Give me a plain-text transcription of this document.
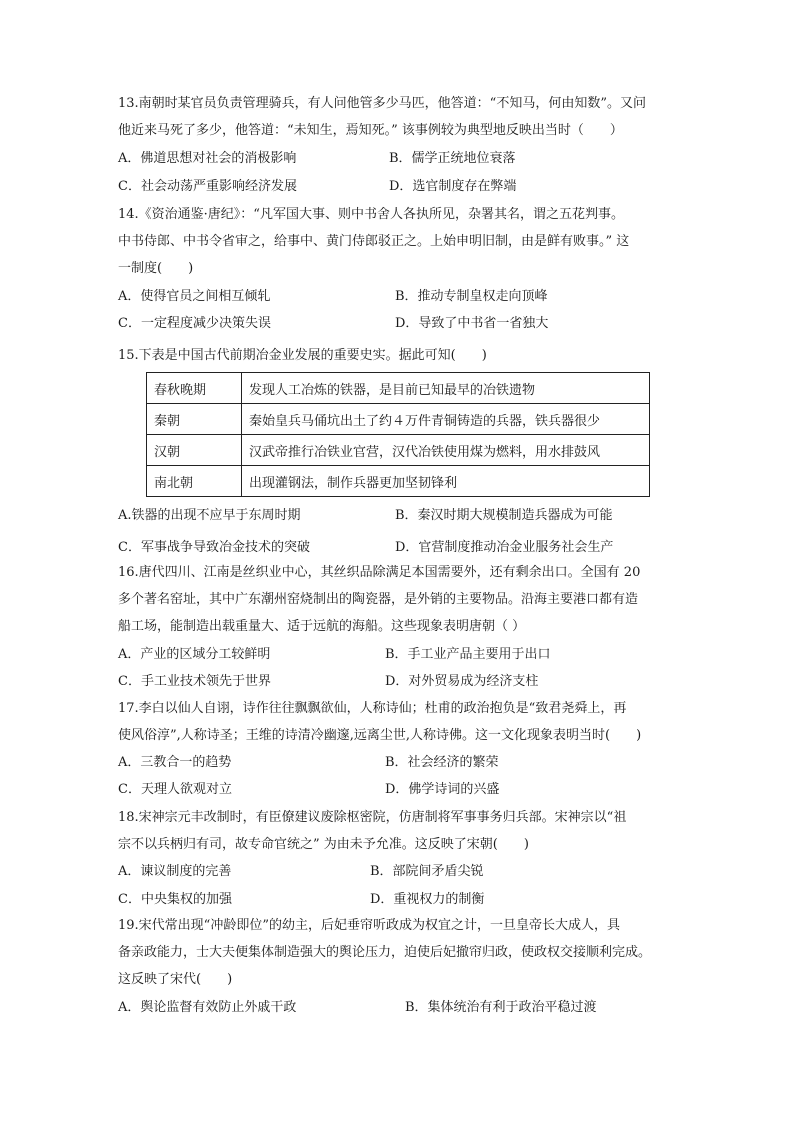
13.南朝时某官员负责管理骑兵，有人问他管多少马匹，他答道：“不知马，何由知数”。又问
他近来马死了多少，他答道：“未知生，焉知死。” 该事例较为典型地反映出当时（　　）
A．佛道思想对社会的消极影响	B．儒学正统地位衰落
C．社会动荡严重影响经济发展	D．选官制度存在弊端
14.《资治通鉴·唐纪》：“凡军国大事、则中书舍人各执所见，杂署其名，谓之五花判事。
中书侍郎、中书令省审之，给事中、黄门侍郎驳正之。上始申明旧制，由是鲜有败事。” 这
一制度(　　)
A．使得官员之间相互倾轧	B．推动专制皇权走向顶峰
C．一定程度减少决策失误	D．导致了中书省一省独大
15.下表是中国古代前期冶金业发展的重要史实。据此可知(　　)
春秋晚期	发现人工冶炼的铁器，是目前已知最早的冶铁遗物
秦朝	秦始皇兵马俑坑出土了约４万件青铜铸造的兵器，铁兵器很少
汉朝	汉武帝推行冶铁业官营，汉代冶铁使用煤为燃料，用水排鼓风
南北朝	出现灌钢法，制作兵器更加坚韧锋利
A.铁器的出现不应早于东周时期	B．秦汉时期大规模制造兵器成为可能
C．军事战争导致冶金技术的突破	D．官营制度推动冶金业服务社会生产
16.唐代四川、江南是丝织业中心，其丝织品除满足本国需要外，还有剩余出口。全国有 20
多个著名窑址，其中广东潮州窑烧制出的陶瓷器，是外销的主要物品。沿海主要港口都有造
船工场，能制造出载重量大、适于远航的海船。这些现象表明唐朝（ ）
A．产业的区域分工较鲜明	B．手工业产品主要用于出口
C．手工业技术领先于世界	D．对外贸易成为经济支柱
17.李白以仙人自诩，诗作往往飘飘欲仙，人称诗仙；杜甫的政治抱负是“致君尧舜上，再
使风俗淳”,人称诗圣；王维的诗清冷幽邃,远离尘世,人称诗佛。这一文化现象表明当时(　　)
A．三教合一的趋势	B．社会经济的繁荣
C．天理人欲观对立	D．佛学诗词的兴盛
18.宋神宗元丰改制时，有臣僚建议废除枢密院，仿唐制将军事事务归兵部。宋神宗以“祖
宗不以兵柄归有司，故专命官统之” 为由未予允准。这反映了宋朝(　　)
A．谏议制度的完善	B．部院间矛盾尖锐
C．中央集权的加强	D．重视权力的制衡
19.宋代常出现“冲龄即位”的幼主，后妃垂帘听政成为权宜之计，一旦皇帝长大成人，具
备亲政能力，士大夫便集体制造强大的舆论压力，迫使后妃撤帘归政，使政权交接顺利完成。
这反映了宋代(　　)
A．舆论监督有效防止外戚干政	B．集体统治有利于政治平稳过渡
